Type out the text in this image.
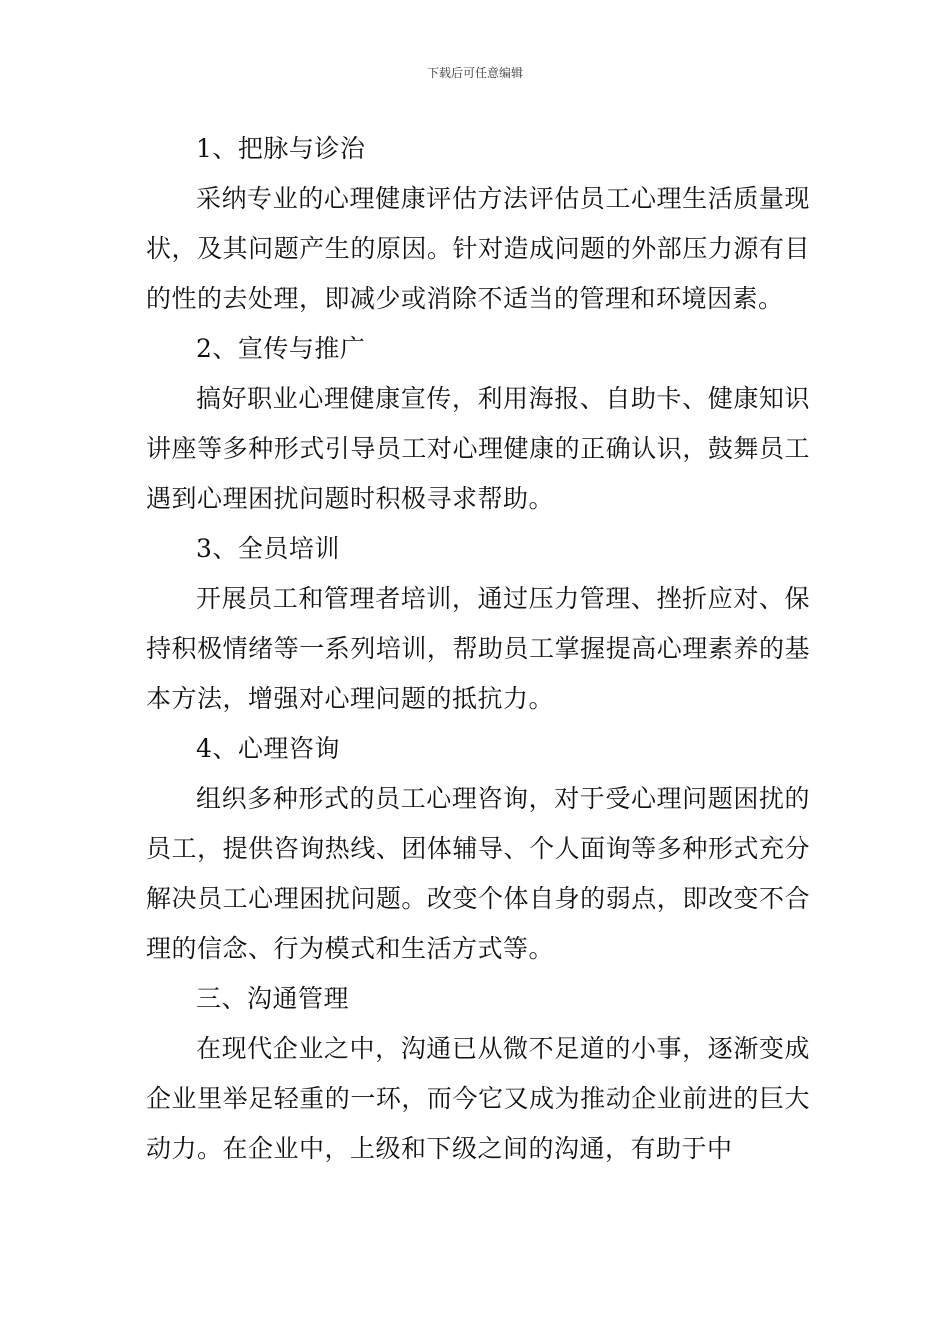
下载后可任意编辑

1、把脉与诊治

采纳专业的心理健康评估方法评估员工心理生活质量现状，及其问题产生的原因。针对造成问题的外部压力源有目的性的去处理，即减少或消除不适当的管理和环境因素。

2、宣传与推广

搞好职业心理健康宣传，利用海报、自助卡、健康知识讲座等多种形式引导员工对心理健康的正确认识，鼓舞员工遇到心理困扰问题时积极寻求帮助。

3、全员培训

开展员工和管理者培训，通过压力管理、挫折应对、保持积极情绪等一系列培训，帮助员工掌握提高心理素养的基本方法，增强对心理问题的抵抗力。

4、心理咨询

组织多种形式的员工心理咨询，对于受心理问题困扰的员工，提供咨询热线、团体辅导、个人面询等多种形式充分解决员工心理困扰问题。改变个体自身的弱点，即改变不合理的信念、行为模式和生活方式等。

三、沟通管理

在现代企业之中，沟通已从微不足道的小事，逐渐变成企业里举足轻重的一环，而今它又成为推动企业前进的巨大动力。在企业中，上级和下级之间的沟通，有助于中
